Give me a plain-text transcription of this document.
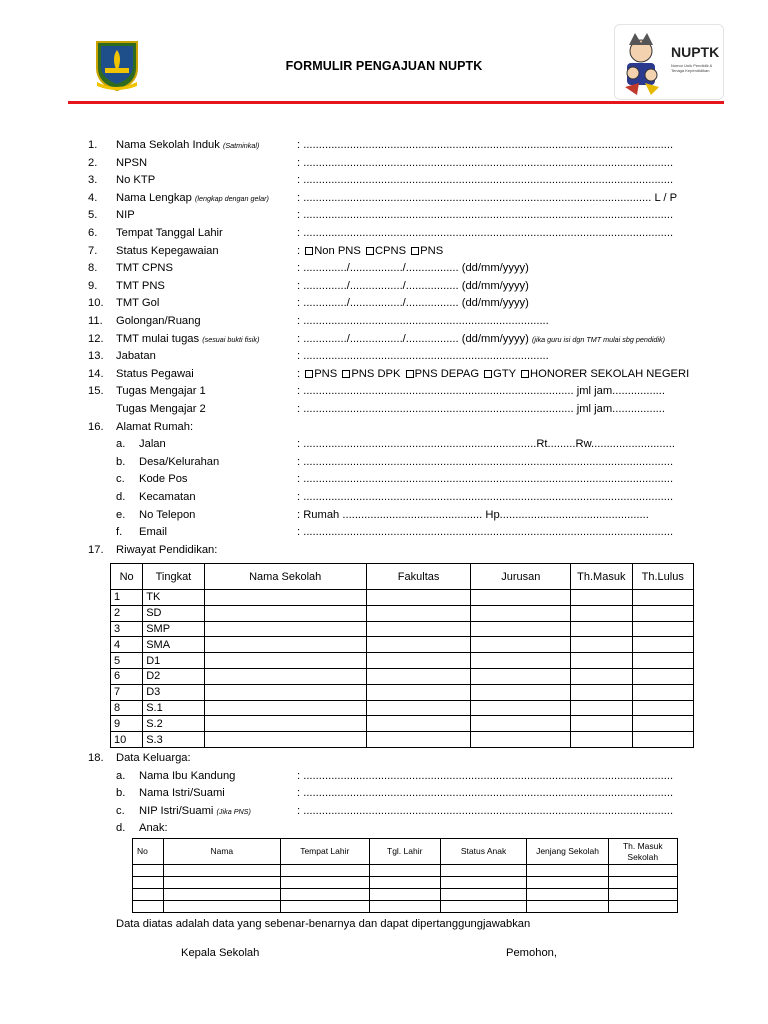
FORMULIR PENGAJUAN NUPTK
NUPTK
Nomor Unik Pendidik & Tenaga Kependidikan
1.	Nama Sekolah Induk (Satminkal)	: .......................................................................................................................
2.	NPSN	: .......................................................................................................................
3.	No KTP	: .......................................................................................................................
4.	Nama Lengkap (lengkap dengan gelar)	: ................................................................................................................ L / P
5.	NIP	: .......................................................................................................................
6.	Tempat Tanggal Lahir	: .......................................................................................................................
7.	Status Kepegawaian	: Non PNS CPNS PNS
8.	TMT CPNS	: ............../................./................. (dd/mm/yyyy)
9.	TMT PNS	: ............../................./................. (dd/mm/yyyy)
10.	TMT Gol	: ............../................./................. (dd/mm/yyyy)
11.	Golongan/Ruang	: ...............................................................................
12.	TMT mulai tugas (sesuai bukti fisik)	: ............../................./................. (dd/mm/yyyy) (jika guru isi dgn TMT mulai sbg pendidik)
13.	Jabatan	: ...............................................................................
14.	Status Pegawai	: PNS PNS DPK PNS DEPAG GTY HONORER SEKOLAH NEGERI
15.	Tugas Mengajar 1	: ....................................................................................... jml jam.................
Tugas Mengajar 2	: ....................................................................................... jml jam.................
16.	Alamat Rumah:
a. Jalan	: ...........................................................................Rt.........Rw...........................
b. Desa/Kelurahan	: .......................................................................................................................
c. Kode Pos	: .......................................................................................................................
d. Kecamatan	: .......................................................................................................................
e. No Telepon	: Rumah ............................................. Hp................................................
f. Email	: .......................................................................................................................
17.	Riwayat Pendidikan:
18.	Data Keluarga:
a. Nama Ibu Kandung	: .......................................................................................................................
b. Nama Istri/Suami	: .......................................................................................................................
c. NIP Istri/Suami (Jika PNS)	: .......................................................................................................................
d. Anak:
No	Tingkat	Nama Sekolah	Fakultas	Jurusan	Th.Masuk	Th.Lulus
1	TK					
2	SD					
3	SMP					
4	SMA					
5	D1					
6	D2					
7	D3					
8	S.1					
9	S.2					
10	S.3					
No	Nama	Tempat Lahir	Tgl. Lahir	Status Anak	Jenjang Sekolah	Th. Masuk
Sekolah

Data diatas adalah data yang sebenar-benarnya dan dapat dipertanggungjawabkan
Kepala Sekolah	Pemohon,
